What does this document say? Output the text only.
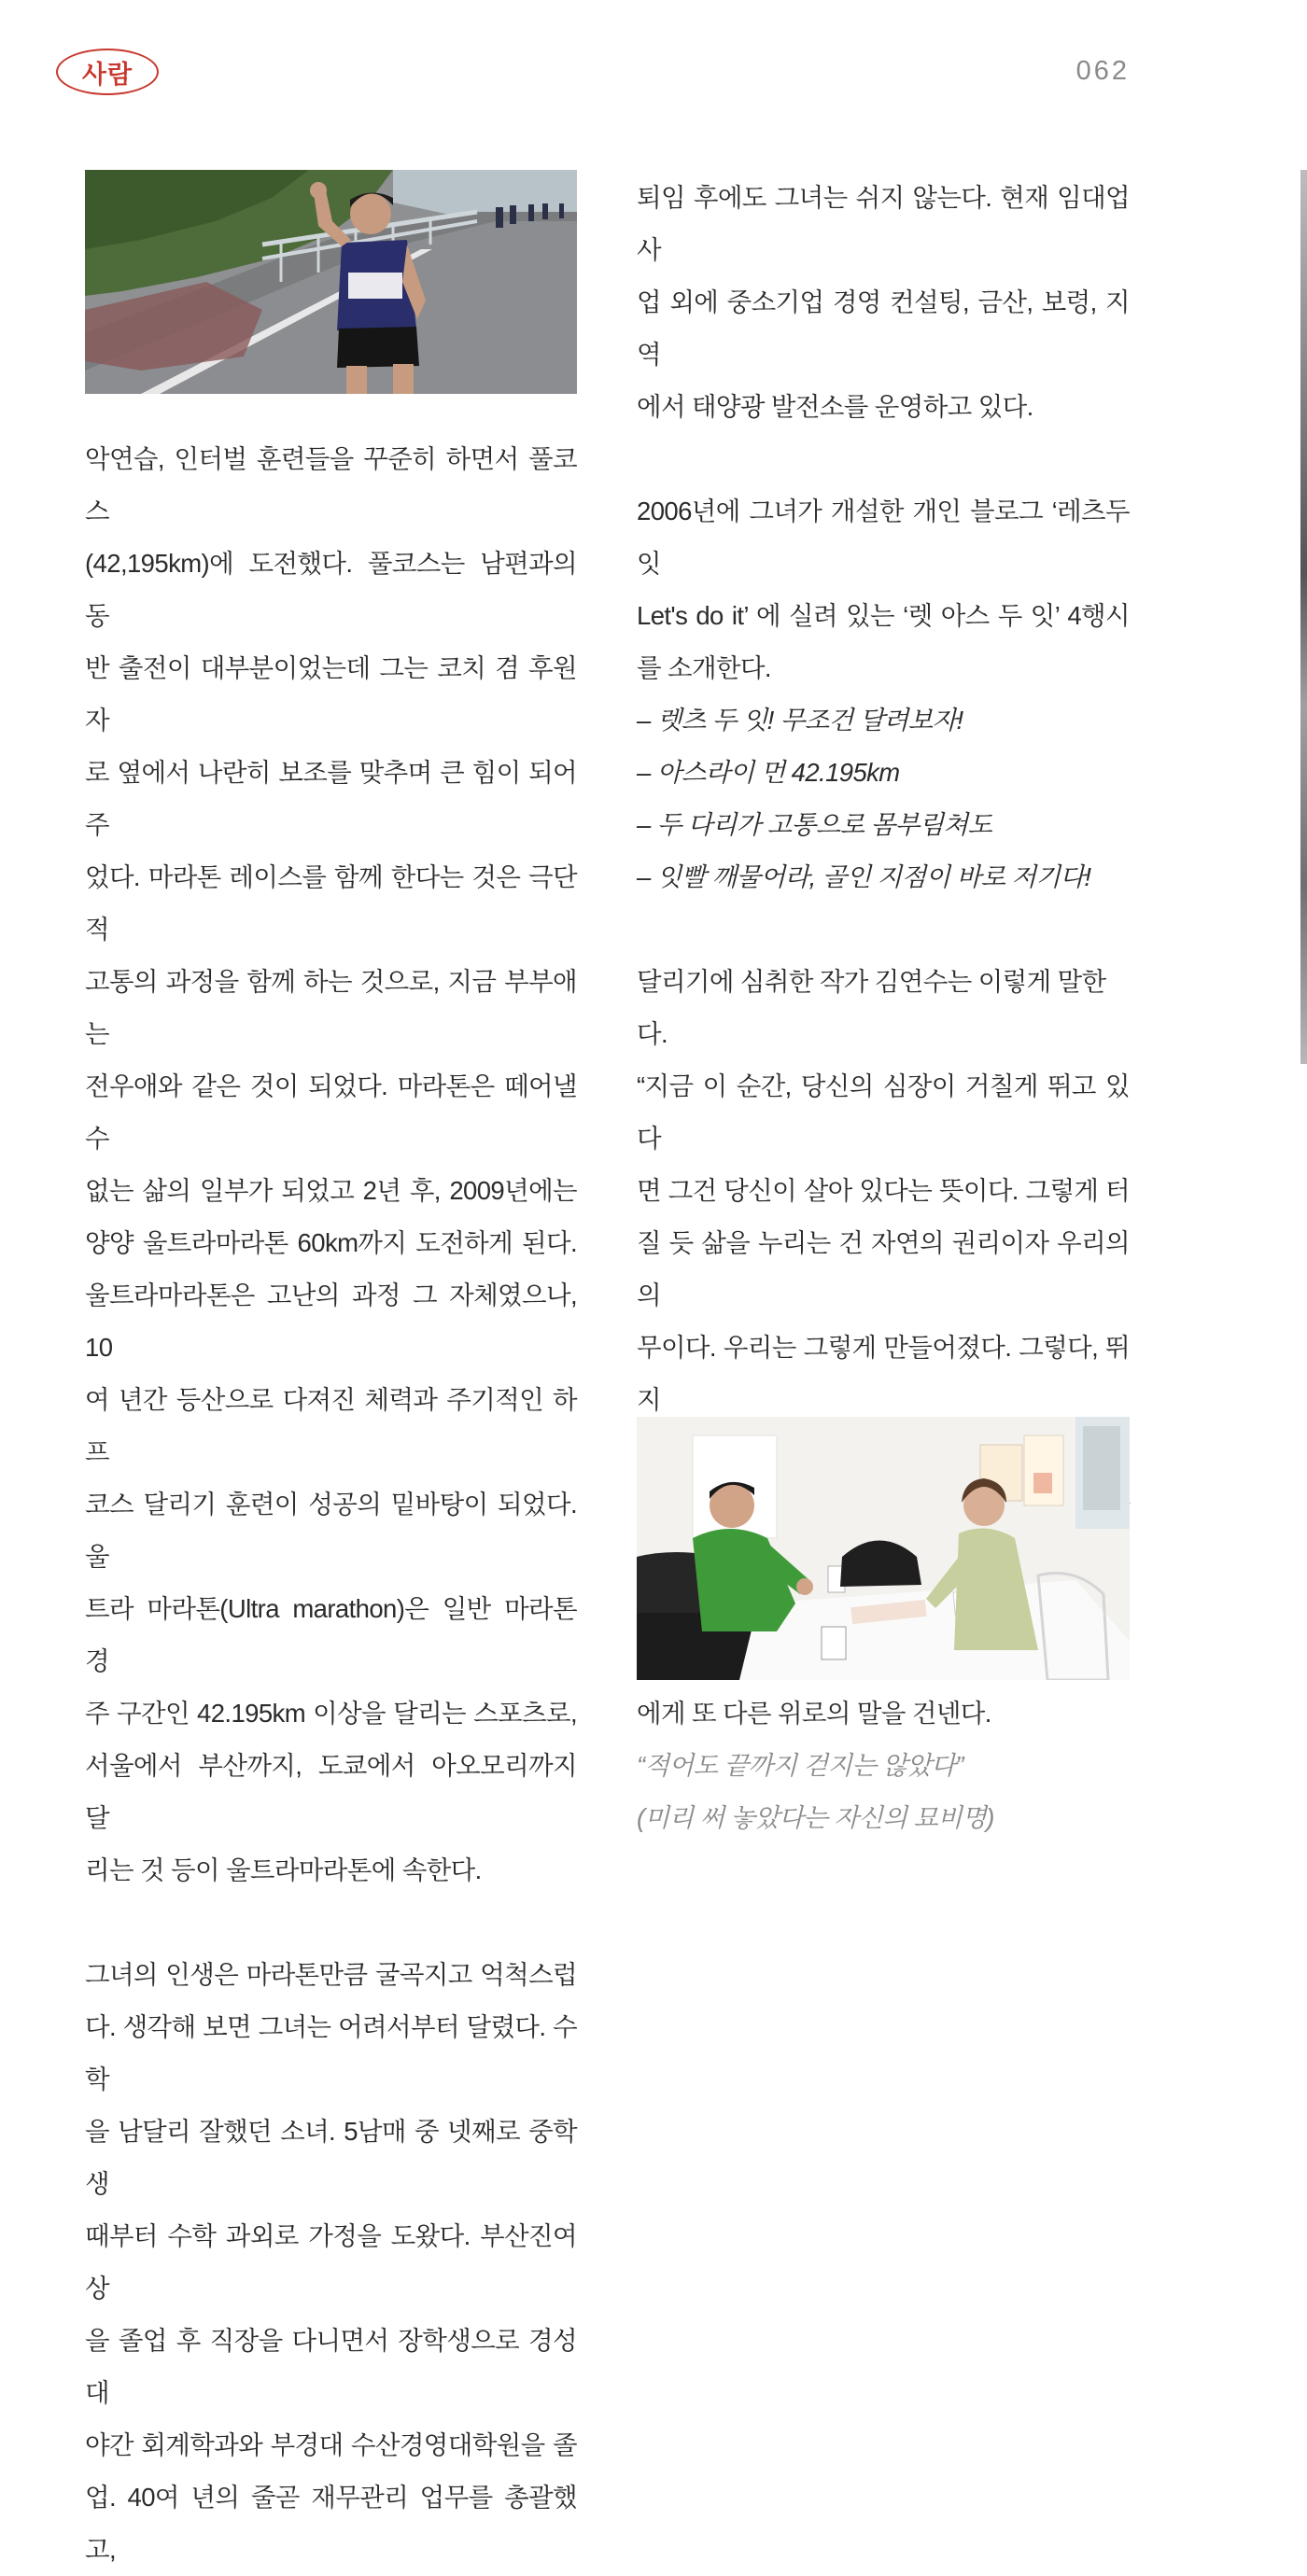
사람	062

악연습, 인터벌 훈련들을 꾸준히 하면서 풀코스

(42,195km)에 도전했다. 풀코스는 남편과의 동

반 출전이 대부분이었는데 그는 코치 겸 후원자

로 옆에서 나란히 보조를 맞추며 큰 힘이 되어 주

었다. 마라톤 레이스를 함께 한다는 것은 극단적

고통의 과정을 함께 하는 것으로, 지금 부부애는

전우애와 같은 것이 되었다. 마라톤은 떼어낼 수

없는 삶의 일부가 되었고 2년 후, 2009년에는

양양 울트라마라톤 60km까지 도전하게 된다.

울트라마라톤은 고난의 과정 그 자체였으나, 10

여 년간 등산으로 다져진 체력과 주기적인 하프

코스 달리기 훈련이 성공의 밑바탕이 되었다. 울

트라 마라톤(Ultra marathon)은 일반 마라톤 경

주 구간인 42.195km 이상을 달리는 스포츠로,

서울에서 부산까지, 도쿄에서 아오모리까지 달

리는 것 등이 울트라마라톤에 속한다.

그녀의 인생은 마라톤만큼 굴곡지고 억척스럽

다. 생각해 보면 그녀는 어려서부터 달렸다. 수학

을 남달리 잘했던 소녀. 5남매 중 넷째로 중학생

때부터 수학 과외로 가정을 도왔다. 부산진여상

을 졸업 후 직장을 다니면서 장학생으로 경성대

야간 회계학과와 부경대 수산경영대학원을 졸

업. 40여 년의 줄곧 재무관리 업무를 총괄했고,

퇴임 후에도 그녀는 쉬지 않는다. 현재 임대업 사

업 외에 중소기업 경영 컨설팅, 금산, 보령, 지역

에서 태양광 발전소를 운영하고 있다.

2006년에 그녀가 개설한 개인 블로그 ‘레츠두잇

Let's do it’ 에 실려 있는 ‘렛 아스 두 잇’ 4행시

를 소개한다.

– 렛츠 두 잇! 무조건 달려보자!

– 아스라이 먼 42.195km

– 두 다리가 고통으로 몸부림쳐도

– 잇빨 깨물어라, 골인 지점이 바로 저기다!

달리기에 심취한 작가 김연수는 이렇게 말한다.

“지금 이 순간, 당신의 심장이 거칠게 뛰고 있다

면 그건 당신이 살아 있다는 뜻이다. 그렇게 터

질 듯 삶을 누리는 건 자연의 권리이자 우리의 의

무이다. 우리는 그렇게 만들어졌다. 그렇다, 뛰지

에게 또 다른 위로의 말을 건넨다.

“적어도 끝까지 걷지는 않았다”

(미리 써 놓았다는 자신의 묘비명)
